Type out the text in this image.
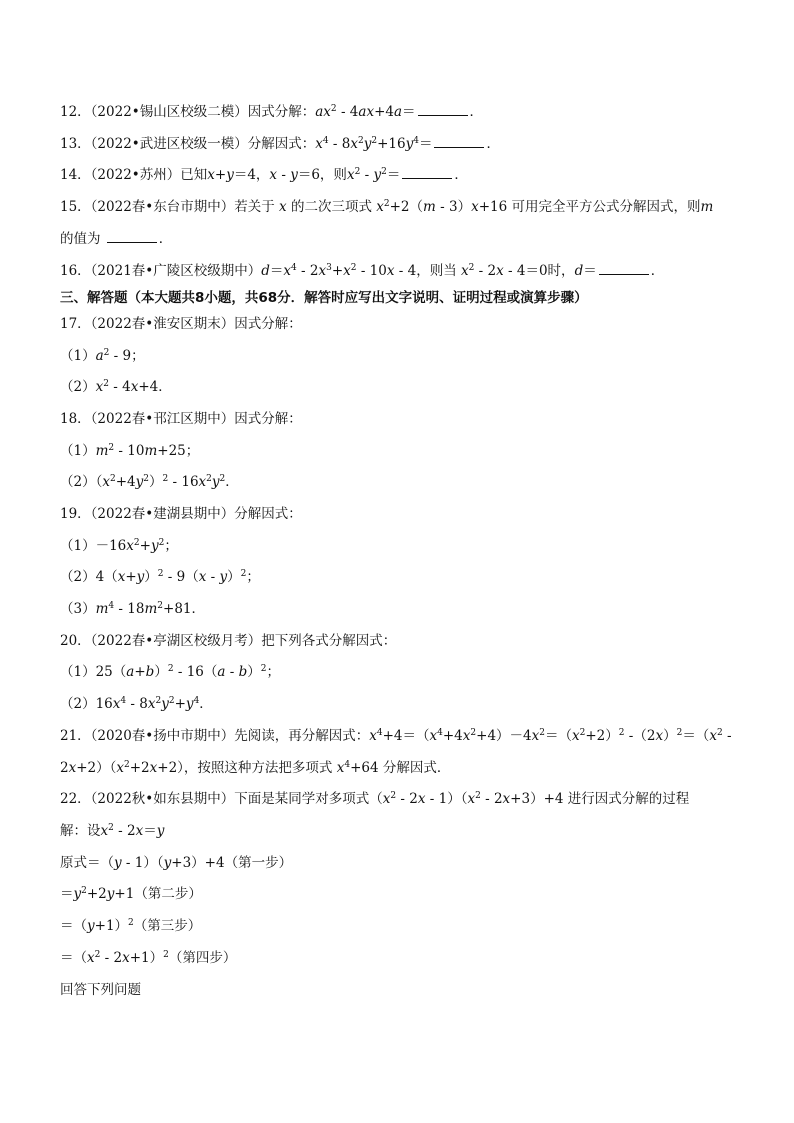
12．（2022•锡山区校级二模）因式分解：$ax^2 - 4ax+4a=$	．
13．（2022•武进区校级一模）分解因式：$x^4 - 8x^2y^2+16y^4=$	．
14．（2022•苏州）已知x+y＝4，x - y＝6，则$x^2 - y^2=$	．
15．（2022春•东台市期中）若关于 x 的二次三项式 $x^2+2(m - 3)x+16$ 可用完全平方公式分解因式，则m
的值为	．
16．（2021春•广陵区校级期中）$d=x^4 - 2x^3+x^2 - 10x - 4$，则当 $x^2 - 2x - 4=0$时，d＝	．
三、解答题（本大题共8小题，共68分．解答时应写出文字说明、证明过程或演算步骤）
17．（2022春•淮安区期末）因式分解：
$(1)a^2 - 9$；
$(2)x^2 - 4x+4$．
18．（2022春•邗江区期中）因式分解：
$(1)m^2 - 10m+25$；
$(2)(x^2+4y^2)^2 - 16x^2y^2$．
19．（2022春•建湖县期中）分解因式：
$(1)-16x^2+y^2$；
$(2)4(x+y)^2 - 9(x - y)^2$；
$(3)m^4 - 18m^2+81$．
20．（2022春•亭湖区校级月考）把下列各式分解因式：
$(1)25(a+b)^2 - 16(a - b)^2$；
$(2)16x^4 - 8x^2y^2+y^4$．
21．（2020春•扬中市期中）先阅读，再分解因式：$x^4+4=(x^4+4x^2+4)-4x^2=(x^2+2)^2$ $-(2x)^2=(x^2$ -
$2x+2)(x^2+2x+2)$，按照这种方法把多项式 $x^4+64$ 分解因式．
22．（2022秋•如东县期中）下面是某同学对多项式$(x^2 - 2x - 1)(x^2 - 2x+3)+4$ 进行因式分解的过程
解：设$x^2 - 2x=y$
原式＝（y - 1）（y+3）+4（第一步）
$=y^2+2y+1$（第二步）
$=(y+1)^2$（第三步）
$=(x^2 - 2x+1)^2$（第四步）
回答下列问题
